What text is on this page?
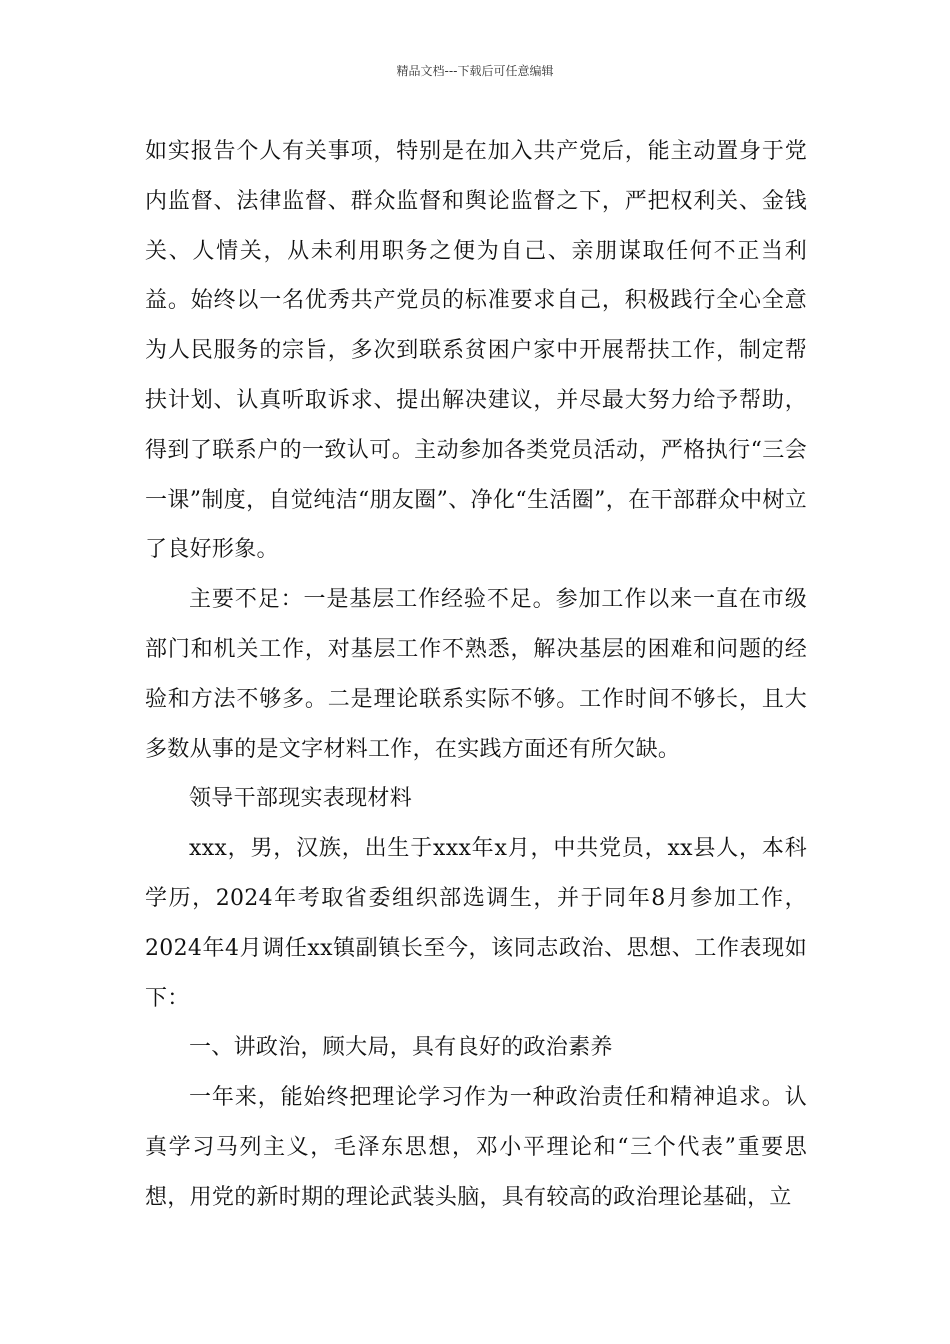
精品文档---下载后可任意编辑

如实报告个人有关事项，特别是在加入共产党后，能主动置身于党内监督、法律监督、群众监督和舆论监督之下，严把权利关、金钱关、人情关，从未利用职务之便为自己、亲朋谋取任何不正当利益。始终以一名优秀共产党员的标准要求自己，积极践行全心全意为人民服务的宗旨，多次到联系贫困户家中开展帮扶工作，制定帮扶计划、认真听取诉求、提出解决建议，并尽最大努力给予帮助，得到了联系户的一致认可。主动参加各类党员活动，严格执行“三会一课”制度，自觉纯洁“朋友圈”、净化“生活圈”，在干部群众中树立了良好形象。

主要不足：一是基层工作经验不足。参加工作以来一直在市级部门和机关工作，对基层工作不熟悉，解决基层的困难和问题的经验和方法不够多。二是理论联系实际不够。工作时间不够长，且大多数从事的是文字材料工作，在实践方面还有所欠缺。

领导干部现实表现材料

xxx，男，汉族，出生于xxx年x月，中共党员，xx县人，本科学历，2024年考取省委组织部选调生，并于同年8月参加工作，2024年4月调任xx镇副镇长至今，该同志政治、思想、工作表现如下：

一、讲政治，顾大局，具有良好的政治素养

一年来，能始终把理论学习作为一种政治责任和精神追求。认真学习马列主义，毛泽东思想，邓小平理论和“三个代表”重要思想，用党的新时期的理论武装头脑，具有较高的政治理论基础，立
